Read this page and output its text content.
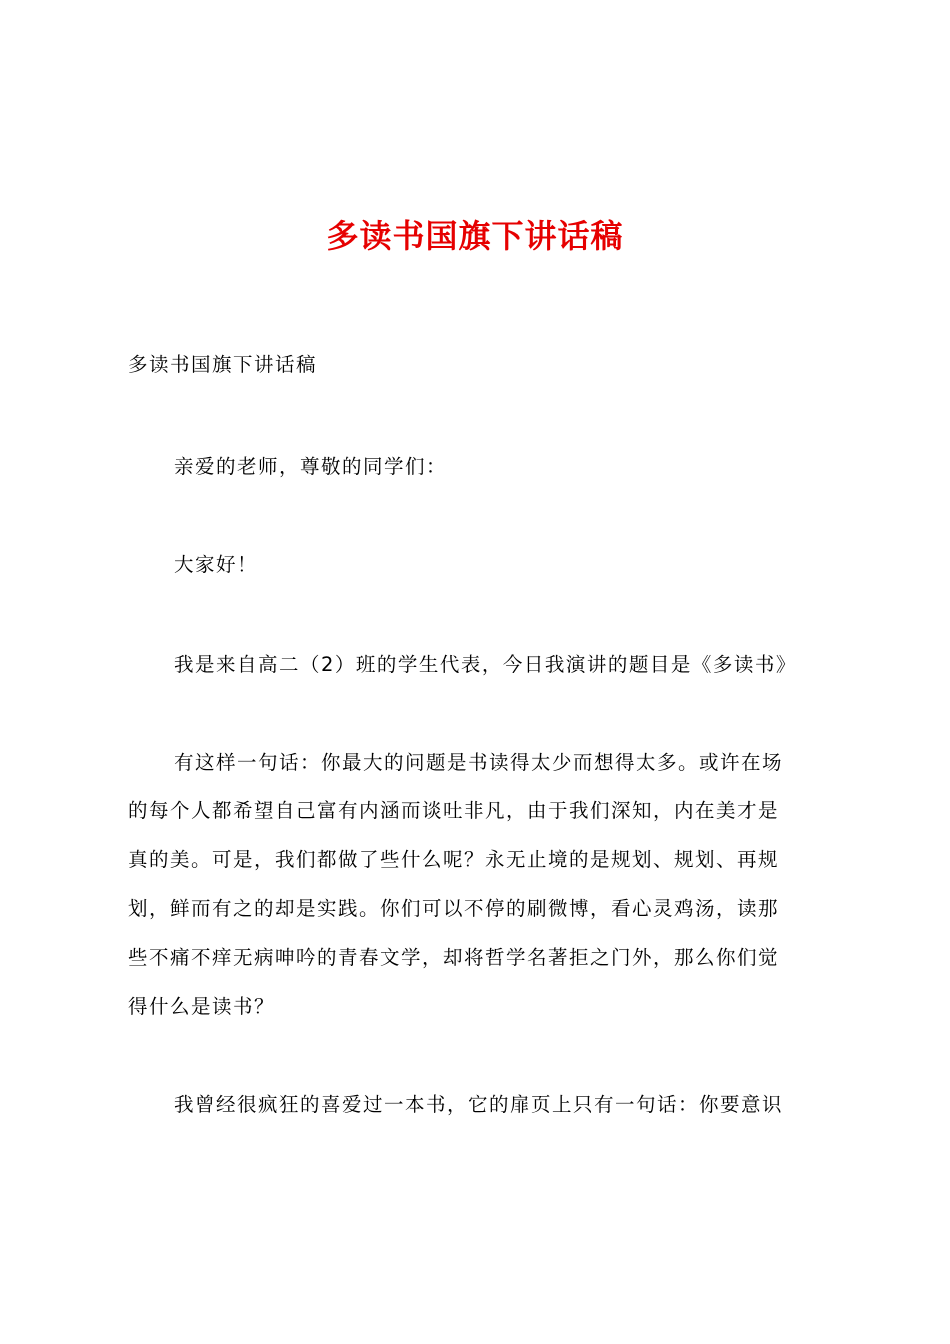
多读书国旗下讲话稿
多读书国旗下讲话稿
亲爱的老师，尊敬的同学们：
大家好！
我是来自高二（2）班的学生代表，今日我演讲的题目是《多读书》
有这样一句话：你最大的问题是书读得太少而想得太多。或许在场
的每个人都希望自己富有内涵而谈吐非凡，由于我们深知，内在美才是
真的美。可是，我们都做了些什么呢？永无止境的是规划、规划、再规
划，鲜而有之的却是实践。你们可以不停的刷微博，看心灵鸡汤，读那
些不痛不痒无病呻吟的青春文学，却将哲学名著拒之门外，那么你们觉
得什么是读书？
我曾经很疯狂的喜爱过一本书，它的扉页上只有一句话：你要意识
